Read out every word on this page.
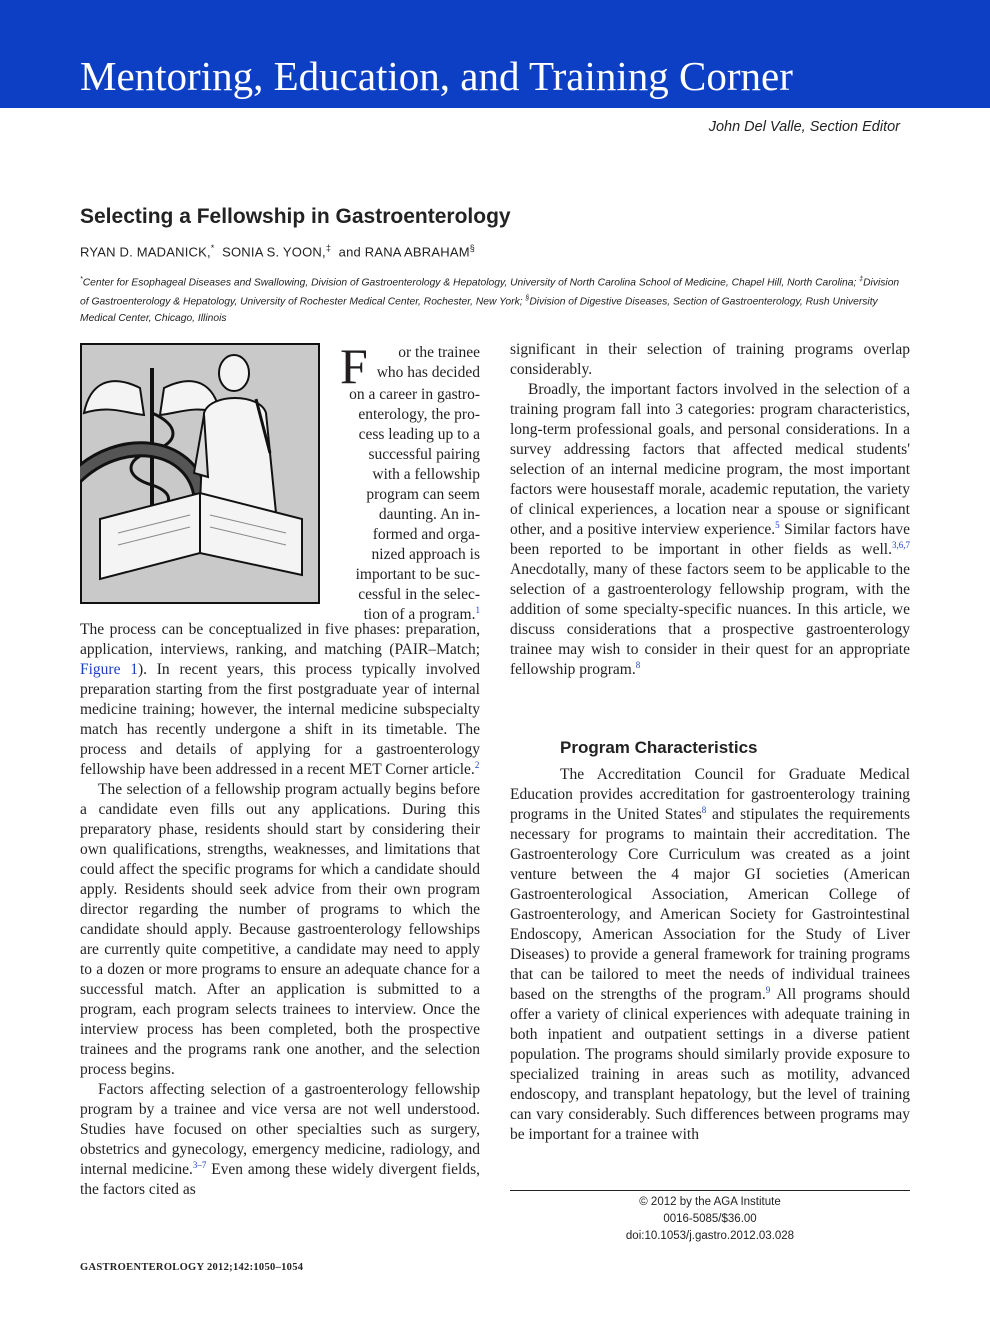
Mentoring, Education, and Training Corner
John Del Valle, Section Editor
Selecting a Fellowship in Gastroenterology
RYAN D. MADANICK,* SONIA S. YOON,‡ and RANA ABRAHAM§
*Center for Esophageal Diseases and Swallowing, Division of Gastroenterology & Hepatology, University of North Carolina School of Medicine, Chapel Hill, North Carolina; ‡Division of Gastroenterology & Hepatology, University of Rochester Medical Center, Rochester, New York; §Division of Digestive Diseases, Section of Gastroenterology, Rush University Medical Center, Chicago, Illinois
F	or the trainee
who has decided
on a career in gastro-
enterology, the pro-
cess leading up to a
successful pairing
with a fellowship
program can seem
daunting. An in-
formed and orga-
nized approach is
important to be suc-
cessful in the selec-
tion of a program.$^1$

The process can be conceptualized in five phases: preparation, application, interviews, ranking, and matching (PAIR–Match; Figure 1). In recent years, this process typically involved preparation starting from the first postgraduate year of internal medicine training; however, the internal medicine subspecialty match has recently undergone a shift in its timetable. The process and details of applying for a gastroenterology fellowship have been addressed in a recent MET Corner article.$^2$

The selection of a fellowship program actually begins before a candidate even fills out any applications. During this preparatory phase, residents should start by considering their own qualifications, strengths, weaknesses, and limitations that could affect the specific programs for which a candidate should apply. Residents should seek advice from their own program director regarding the number of programs to which the candidate should apply. Because gastroenterology fellowships are currently quite competitive, a candidate may need to apply to a dozen or more programs to ensure an adequate chance for a successful match. After an application is submitted to a program, each program selects trainees to interview. Once the interview process has been completed, both the prospective trainees and the programs rank one another, and the selection process begins.

Factors affecting selection of a gastroenterology fellowship program by a trainee and vice versa are not well understood. Studies have focused on other specialties such as surgery, obstetrics and gynecology, emergency medicine, radiology, and internal medicine.$^{3-7}$ Even among these widely divergent fields, the factors cited as

significant in their selection of training programs overlap considerably.

Broadly, the important factors involved in the selection of a training program fall into 3 categories: program characteristics, long-term professional goals, and personal considerations. In a survey addressing factors that affected medical students' selection of an internal medicine program, the most important factors were housestaff morale, academic reputation, the variety of clinical experiences, a location near a spouse or significant other, and a positive interview experience.$^5$ Similar factors have been reported to be important in other fields as well.$^{3,6,7}$ Anecdotally, many of these factors seem to be applicable to the selection of a gastroenterology fellowship program, with the addition of some specialty-specific nuances. In this article, we discuss considerations that a prospective gastroenterology trainee may wish to consider in their quest for an appropriate fellowship program.$^8$

Program Characteristics

The Accreditation Council for Graduate Medical Education provides accreditation for gastroenterology training programs in the United States$^8$ and stipulates the requirements necessary for programs to maintain their accreditation. The Gastroenterology Core Curriculum was created as a joint venture between the 4 major GI societies (American Gastroenterological Association, American College of Gastroenterology, and American Society for Gastrointestinal Endoscopy, American Association for the Study of Liver Diseases) to provide a general framework for training programs that can be tailored to meet the needs of individual trainees based on the strengths of the program.$^9$ All programs should offer a variety of clinical experiences with adequate training in both inpatient and outpatient settings in a diverse patient population. The programs should similarly provide exposure to specialized training in areas such as motility, advanced endoscopy, and transplant hepatology, but the level of training can vary considerably. Such differences between programs may be important for a trainee with

© 2012 by the AGA Institute
0016-5085/$36.00
doi:10.1053/j.gastro.2012.03.028
GASTROENTEROLOGY 2012;142:1050–1054
